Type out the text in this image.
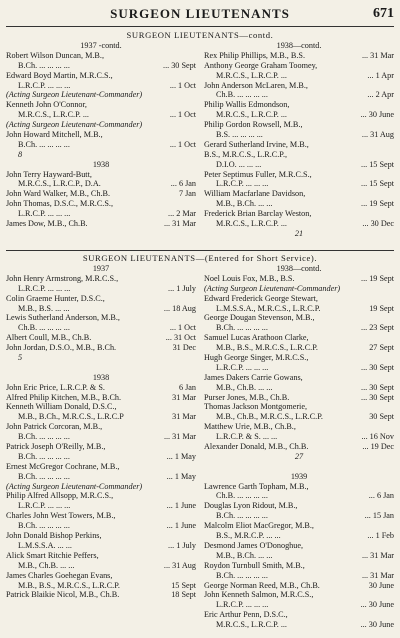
SURGEON LIEUTENANTS	671
SURGEON LIEUTENANTS—contd.
1937 -contd.
Robert Wilson Duncan, M.B.,
B.Ch. ... ... ... ...	... 30 Sept
Edward Boyd Martin, M.R.C.S.,
L.R.C.P. ... ... ...	... 1 Oct
(Acting Surgeon Lieutenant-Commander)
Kenneth John O'Connor,
M.R.C.S., L.R.C.P. ...	... 1 Oct
(Acting Surgeon Lieutenant-Commander)
John Howard Mitchell, M.B.,
B.Ch. ... ... ... ...	... 1 Oct
8
1938
John Terry Hayward-Butt,
M.R.C.S., L.R.C.P., D.A.	... 6 Jan
John Ward Walker, M.B., Ch.B.	7 Jan
John Thomas, D.S.C., M.R.C.S.,
L.R.C.P. ... ... ...	... 2 Mar
James Dow, M.B., Ch.B.	... 31 Mar
1938—contd.
Rex Philip Phillips, M.B., B.S.	... 31 Mar
Anthony George Graham Toomey,
M.R.C.S., L.R.C.P. ...	... 1 Apr
John Anderson McLaren, M.B.,
Ch.B. ... ... ... ...	... 2 Apr
Philip Wallis Edmondson,
M.R.C.S., L.R.C.P. ...	... 30 June
Philip Gordon Rowsell, M.B.,
B.S. ... ... ... ...	... 31 Aug
Gerard Sutherland Irvine, M.B.,
B.S., M.R.C.S., L.R.C.P.,
D.I.O. ... ... ...	... 15 Sept
Peter Septimus Fuller, M.R.C.S.,
L.R.C.P. ... ... ...	... 15 Sept
William Macfarlane Davidson,
M.B., B.Ch. ... ...	... 19 Sept
Frederick Brian Barclay Weston,
M.R.C.S., L.R.C.P. ...	... 30 Dec
21
SURGEON LIEUTENANTS—(Entered for Short Service).
1937
John Henry Armstrong, M.R.C.S.,
L.R.C.P. ... ... ...	... 1 July
Colin Graeme Hunter, D.S.C.,
M.B., B.S. ... ...	... 18 Aug
Lewis Sutherland Anderson, M.B.,
Ch.B. ... ... ... ...	... 1 Oct
Albert Coull, M.B., Ch.B.	... 31 Oct
John Jordan, D.S.O., M.B., B.Ch.	31 Dec
5
1938
John Eric Price, L.R.C.P. & S.	6 Jan
Alfred Philip Kitchen, M.B., B.Ch.	31 Mar
Kenneth William Donald, D.S.C.,
M.B., B.Ch., M.R.C.S., L.R.C.P	31 Mar
John Patrick Corcoran, M.B.,
B.Ch. ... ... ... ...	... 31 Mar
Patrick Joseph O'Reilly, M.B.,
B.Ch. ... ... ... ...	... 1 May
Ernest McGregor Cochrane, M.B.,
B.Ch. ... ... ... ...	... 1 May
(Acting Surgeon Lieutenant-Commander)
Philip Alfred Allsopp, M.R.C.S.,
L.R.C.P. ... ... ...	... 1 June
Charles John West Towers, M.B.,
B.Ch. ... ... ... ...	... 1 June
John Donald Bishop Perkins,
L.M.S.S.A. ... ...	... 1 July
Alick Smart Ritchie Peffers,
M.B., Ch.B. ... ...	... 31 Aug
James Charles Goehegan Evans,
M.B., B.S., M.R.C.S., L.R.C.P.	15 Sept
Patrick Blaikie Nicol, M.B., Ch.B.	18 Sept
1938—contd.
Noel Louis Fox, M.B., B.S.	... 19 Sept
(Acting Surgeon Lieutenant-Commander)
Edward Frederick George Stewart,
L.M.S.S.A., M.R.C.S., L.R.C.P.	19 Sept
George Dougan Stevenson, M.B.,
B.Ch. ... ... ... ...	... 23 Sept
Samuel Lucas Arathoon Clarke,
M.B., B.S., M.R.C.S., L.R.C.P.	27 Sept
Hugh George Singer, M.R.C.S.,
L.R.C.P. ... ... ...	... 30 Sept
James Dakers Carrie Gowans,
M.B., Ch.B. ... ...	... 30 Sept
Purser Jones, M.B., Ch.B.	... 30 Sept
Thomas Jackson Montgomerie,
M.B., Ch.B., M.R.C.S., L.R.C.P.	30 Sept
Matthew Urie, M.B., Ch.B.,
L.R.C.P. & S. ... ...	... 16 Nov
Alexander Donald, M.B., Ch.B.	... 19 Dec
27
1939
Lawrence Garth Topham, M.B.,
Ch.B. ... ... ... ...	... 6 Jan
Douglas Lyon Ridout, M.B.,
B.Ch. ... ... ... ...	... 15 Jan
Malcolm Eliot MacGregor, M.B.,
B.S., M.R.C.P. ... ...	... 1 Feb
Desmond James O'Donoghue,
M.B., B.Ch. ... ...	... 31 Mar
Roydon Turnbull Smith, M.B.,
B.Ch. ... ... ... ...	... 31 Mar
George Norman Reed, M.B., Ch.B.	30 June
John Kenneth Salmon, M.R.C.S.,
L.R.C.P. ... ... ...	... 30 June
Eric Arthur Penn, D.S.C.,
M.R.C.S., L.R.C.P. ...	... 30 June
